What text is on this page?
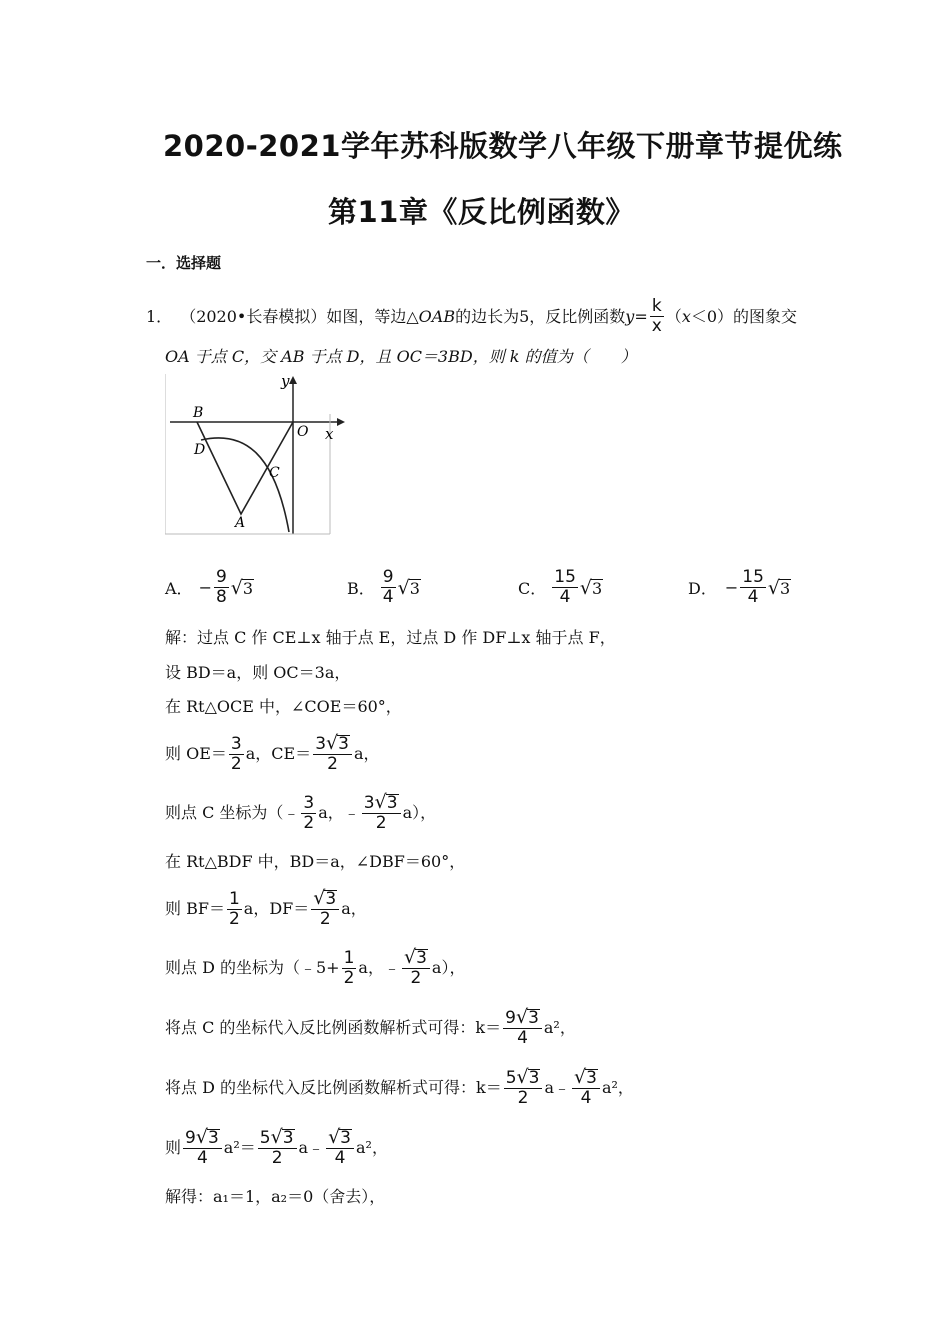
2020-2021学年苏科版数学八年级下册章节提优练
第11章《反比例函数》
一．选择题
1． （2020•长春模拟）如图，等边△ OAB 的边长为5，反比例函数 $y = \frac{k}{x}$ （ x ＜0）的图象交
OA 于点 C，交 AB 于点 D，且 OC＝3BD，则 k 的值为（　　）
y
x
B
O
D
C
A
A． − $\frac{9}{8}$ √ 3	B． $\frac{9}{4}$ √ 3	C． $\frac{15}{4}$ √ 3	D． − $\frac{15}{4}$ √ 3
解：过点 C 作 CE⊥x 轴于点 E，过点 D 作 DF⊥x 轴于点 F，
设 BD＝a，则 OC＝3a，
在 Rt△OCE 中，∠COE＝60°，
则 $OE= \frac{3}{2}$ a，$CE= \frac{3 √ 3}{2}$ a，
则点 C 坐标为（﹣ $\frac{3}{2}$ a，﹣ $\frac{3 √ 3}{2} a$），
在 Rt△BDF 中，BD＝a，∠DBF＝60°，
则 $BF= \frac{1}{2}$ a，$DF= \frac{√ 3}{2}$ a，
则点 D 的坐标为（﹣5+ $\frac{1}{2}$ a，﹣ $\frac{√ 3}{2} a$），
将点 C 的坐标代入反比例函数解析式可得：$k= \frac{9 √ 3}{4} a^2$，
将点 D 的坐标代入反比例函数解析式可得：$k= \frac{5 √ 3}{2}$ a﹣ $\frac{√ 3}{4} a^2$，
则 $\frac{9 √ 3}{4} a^2= \frac{5 √ 3}{2}$ a﹣ $\frac{√ 3}{4} a^2$，
解得：a₁＝1，a₂＝0（舍去），
